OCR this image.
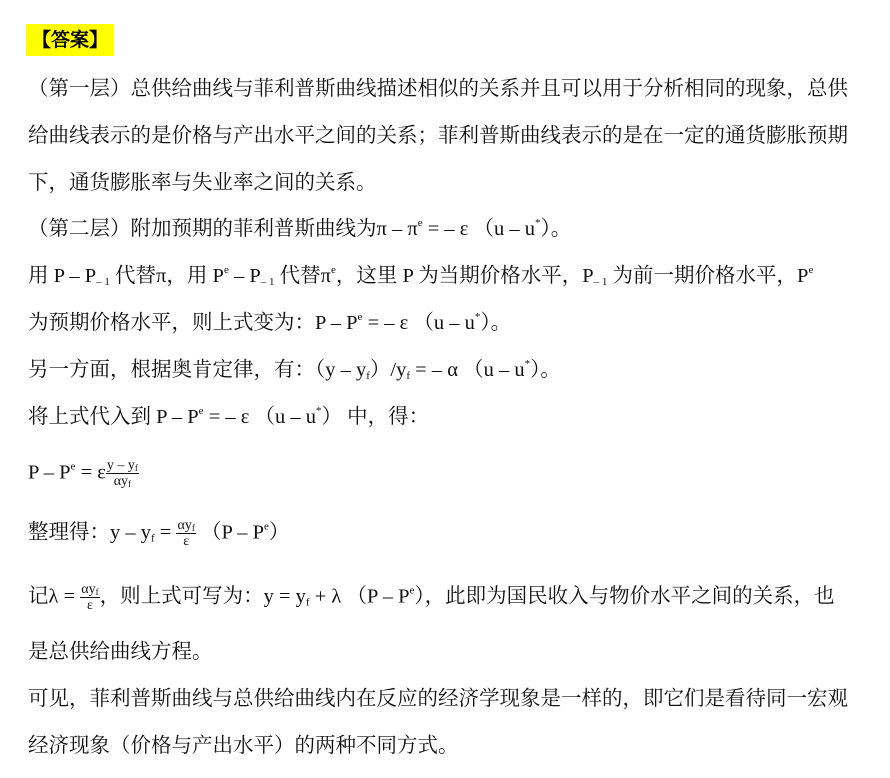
【答案】
（第一层）总供给曲线与菲利普斯曲线描述相似的关系并且可以用于分析相同的现象，总供
给曲线表示的是价格与产出水平之间的关系；菲利普斯曲线表示的是在一定的通货膨胀预期
下，通货膨胀率与失业率之间的关系。
（第二层）附加预期的菲利普斯曲线为π – $\pi^e$ = – ε （u – u*）。
用 P – $P_{- 1}$ 代替π，用 $P^e - P_{- 1}$ 代替$\pi^e$，这里 P 为当期价格水平，$P_{- 1}$ 为前一期价格水平，$P^e$
为预期价格水平，则上式变为：P – $P^e$ = – ε （u – u*）。
另一方面，根据奥肯定律，有：$(y - y_f)/y_f$ = – α （u – u*）。
将上式代入到 P – $P^e$ = – ε （u – u*） 中，得：
$P - P^e = \varepsilon \frac{y - y_f}{\alpha y_f}$
整理得：$y - y_f = \frac{\alpha y_f}{\varepsilon} (P - P^e)$
记$\lambda = \frac{\alpha y_f}{\varepsilon}$ ，则上式可写为：$y = y_f + \lambda$ $(P - P^e)$，此即为国民收入与物价水平之间的关系，也
是总供给曲线方程。
可见，菲利普斯曲线与总供给曲线内在反应的经济学现象是一样的，即它们是看待同一宏观
经济现象（价格与产出水平）的两种不同方式。
